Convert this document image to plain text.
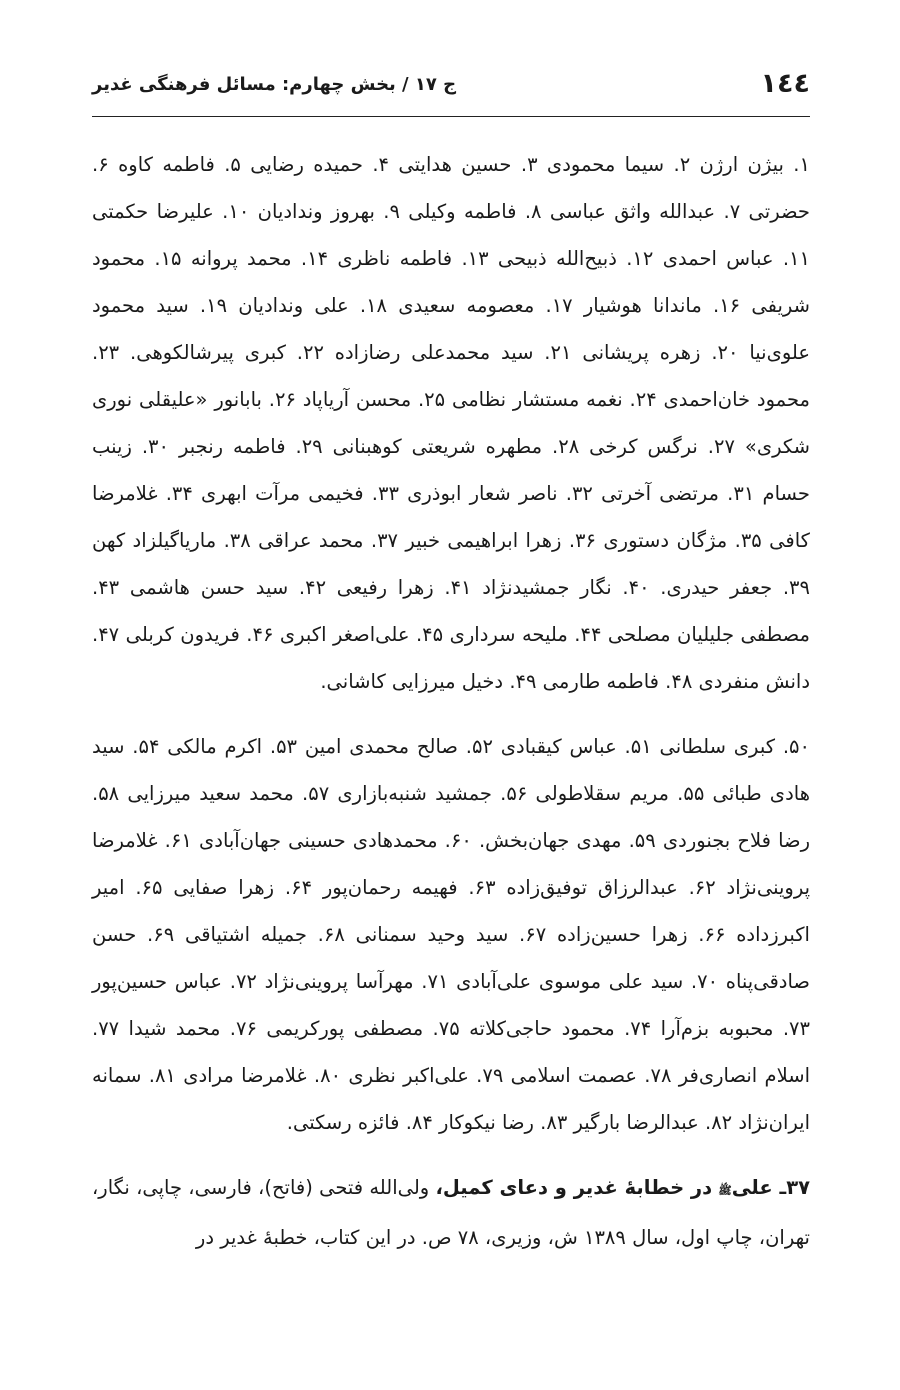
١٤٤
ج ١٧ / بخش چهارم: مسائل فرهنگی غدیر

١. بیژن ارژن ٢. سیما محمودی ٣. حسین هدایتی ۴. حمیده رضایی ۵. فاطمه کاوه ۶. حضرتی ٧. عبدالله واثق عباسی ٨. فاطمه وکیلی ٩. بهروز وندادیان ١٠. علیرضا حکمتی ١١. عباس احمدی ١٢. ذبیح‌الله ذبیحی ١٣. فاطمه ناظری ١۴. محمد پروانه ١۵. محمود شریفی ١۶. ماندانا هوشیار ١٧. معصومه سعیدی ١٨. علی وندادیان ١٩. سید محمود علوی‌نیا ٢٠. زهره پریشانی ٢١. سید محمدعلی رضازاده ٢٢. کبری پیرشالکوهی. ٢٣. محمود خان‌احمدی ٢۴. نغمه مستشار نظامی ٢۵. محسن آریاپاد ٢۶. بابانور «علیقلی نوری شکری» ٢٧. نرگس کرخی ٢٨. مطهره شریعتی کوهبنانی ٢٩. فاطمه رنجبر ٣٠. زینب حسام ٣١. مرتضی آخرتی ٣٢. ناصر شعار ابوذری ٣٣. فخیمی مرآت ابهری ٣۴. غلامرضا کافی ٣۵. مژگان دستوری ٣۶. زهرا ابراهیمی خبیر ٣٧. محمد عراقی ٣٨. ماریاگیلزاد کهن ٣٩. جعفر حیدری. ۴٠. نگار جمشیدنژاد ۴١. زهرا رفیعی ۴٢. سید حسن هاشمی ۴٣. مصطفی جلیلیان مصلحی ۴۴. ملیحه سرداری ۴۵. علی‌اصغر اکبری ۴۶. فریدون کربلی ۴٧. دانش منفردی ۴٨. فاطمه طارمی ۴٩. دخیل میرزایی کاشانی.

۵٠. کبری سلطانی ۵١. عباس کیقبادی ۵٢. صالح محمدی امین ۵٣. اکرم مالکی ۵۴. سید هادی طبائی ۵۵. مریم سقلاطولی ۵۶. جمشید شنبه‌بازاری ۵٧. محمد سعید میرزایی ۵٨. رضا فلاح بجنوردی ۵٩. مهدی جهان‌بخش. ۶٠. محمدهادی حسینی جهان‌آبادی ۶١. غلامرضا پروینی‌نژاد ۶٢. عبدالرزاق توفیق‌زاده ۶٣. فهیمه رحمان‌پور ۶۴. زهرا صفایی ۶۵. امیر اکبرزداده ۶۶. زهرا حسین‌زاده ۶٧. سید وحید سمنانی ۶٨. جمیله اشتیاقی ۶٩. حسن صادقی‌پناه ٧٠. سید علی موسوی علی‌آبادی ٧١. مهرآسا پروینی‌نژاد ٧٢. عباس حسین‌پور ٧٣. محبوبه بزم‌آرا ٧۴. محمود حاجی‌کلاته ٧۵. مصطفی پورکریمی ٧۶. محمد شیدا ٧٧. اسلام انصاری‌فر ٧٨. عصمت اسلامی ٧٩. علی‌اکبر نظری ٨٠. غلامرضا مرادی ٨١. سمانه ایران‌نژاد ٨٢. عبدالرضا بارگیر ٨٣. رضا نیکوکار ٨۴. فائزه رسکتی.

٣٧ـ علیﷺ در خطابهٔ غدیر و دعای کمیل، ولی‌الله فتحی (فاتح)، فارسی، چاپی، نگار، تهران، چاپ اول، سال ١٣٨٩ ش، وزیری، ٧٨ ص. در این کتاب، خطبهٔ غدیر در
